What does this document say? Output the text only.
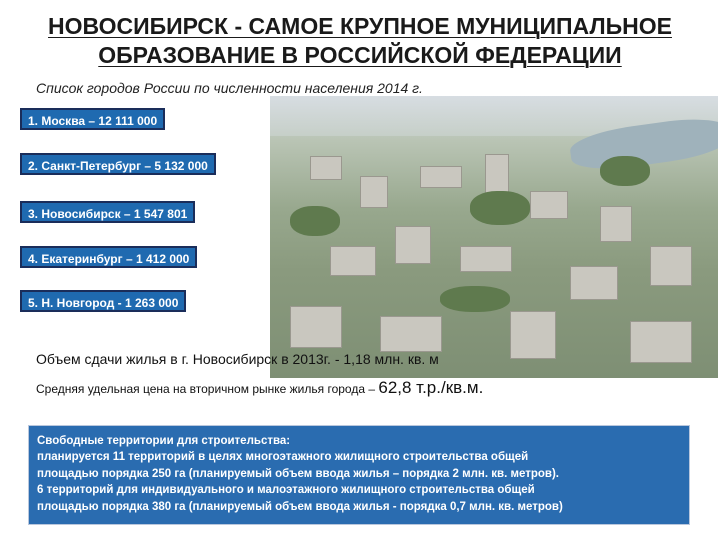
НОВОСИБИРСК - САМОЕ КРУПНОЕ МУНИЦИПАЛЬНОЕ
ОБРАЗОВАНИЕ В РОССИЙСКОЙ ФЕДЕРАЦИИ
Список городов России по численности населения 2014 г.
1. Москва – 12 111 000
2. Санкт-Петербург – 5 132 000
3. Новосибирск – 1 547 801
4. Екатеринбург – 1 412 000
5. Н. Новгород - 1 263 000
Объем сдачи жилья в г. Новосибирск в 2013г. - 1,18 млн. кв. м
Средняя удельная цена на вторичном рынке жилья города – 62,8 т.р./кв.м.
Свободные территории для строительства:
планируется 11 территорий в целях многоэтажного жилищного строительства общей
площадью порядка 250 га (планируемый объем ввода жилья – порядка 2 млн. кв. метров).
6 территорий для индивидуального и малоэтажного жилищного строительства общей
площадью порядка 380 га (планируемый объем ввода жилья - порядка 0,7 млн. кв. метров)
